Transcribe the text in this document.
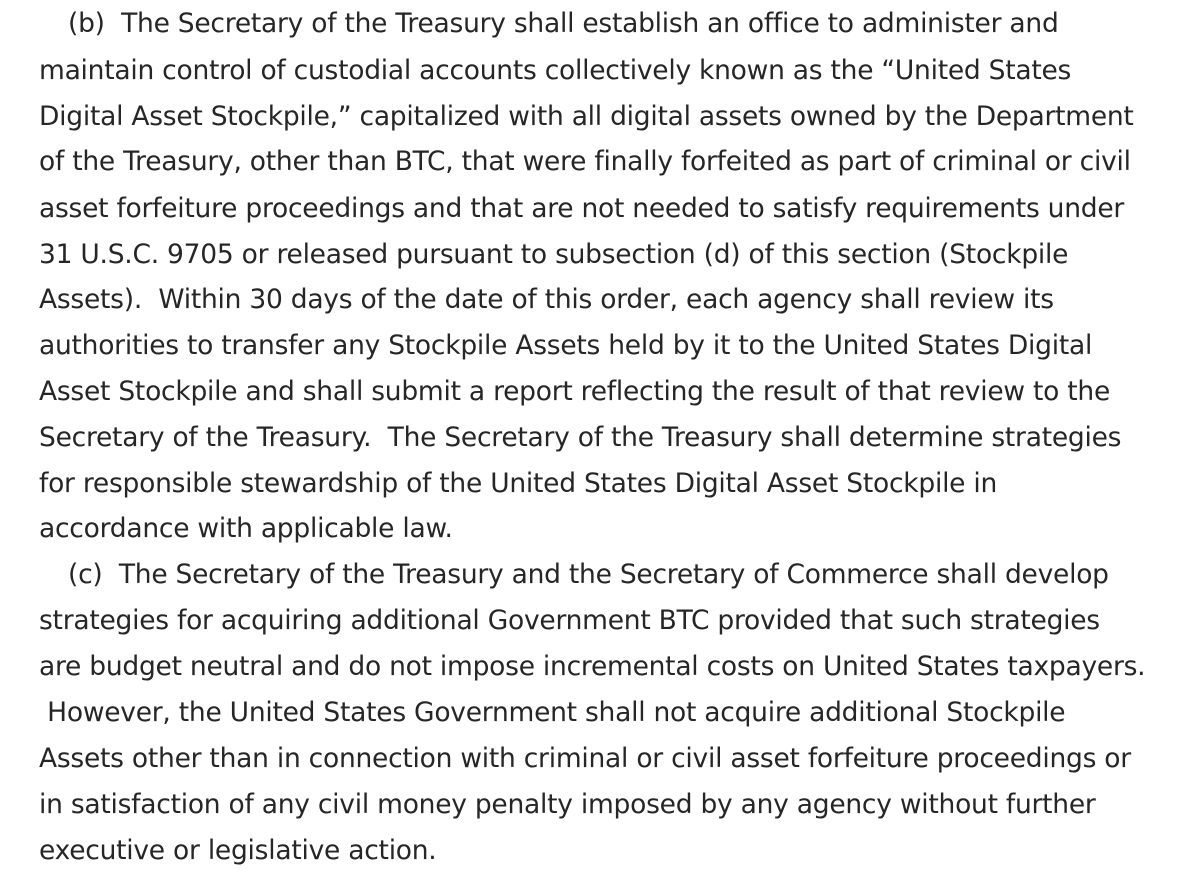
(b)  The Secretary of the Treasury shall establish an office to administer and
maintain control of custodial accounts collectively known as the “United States
Digital Asset Stockpile,” capitalized with all digital assets owned by the Department
of the Treasury, other than BTC, that were finally forfeited as part of criminal or civil
asset forfeiture proceedings and that are not needed to satisfy requirements under
31 U.S.C. 9705 or released pursuant to subsection (d) of this section (Stockpile
Assets).  Within 30 days of the date of this order, each agency shall review its
authorities to transfer any Stockpile Assets held by it to the United States Digital
Asset Stockpile and shall submit a report reflecting the result of that review to the
Secretary of the Treasury.  The Secretary of the Treasury shall determine strategies
for responsible stewardship of the United States Digital Asset Stockpile in
accordance with applicable law.
(c)  The Secretary of the Treasury and the Secretary of Commerce shall develop
strategies for acquiring additional Government BTC provided that such strategies
are budget neutral and do not impose incremental costs on United States taxpayers.
However, the United States Government shall not acquire additional Stockpile
Assets other than in connection with criminal or civil asset forfeiture proceedings or
in satisfaction of any civil money penalty imposed by any agency without further
executive or legislative action.
